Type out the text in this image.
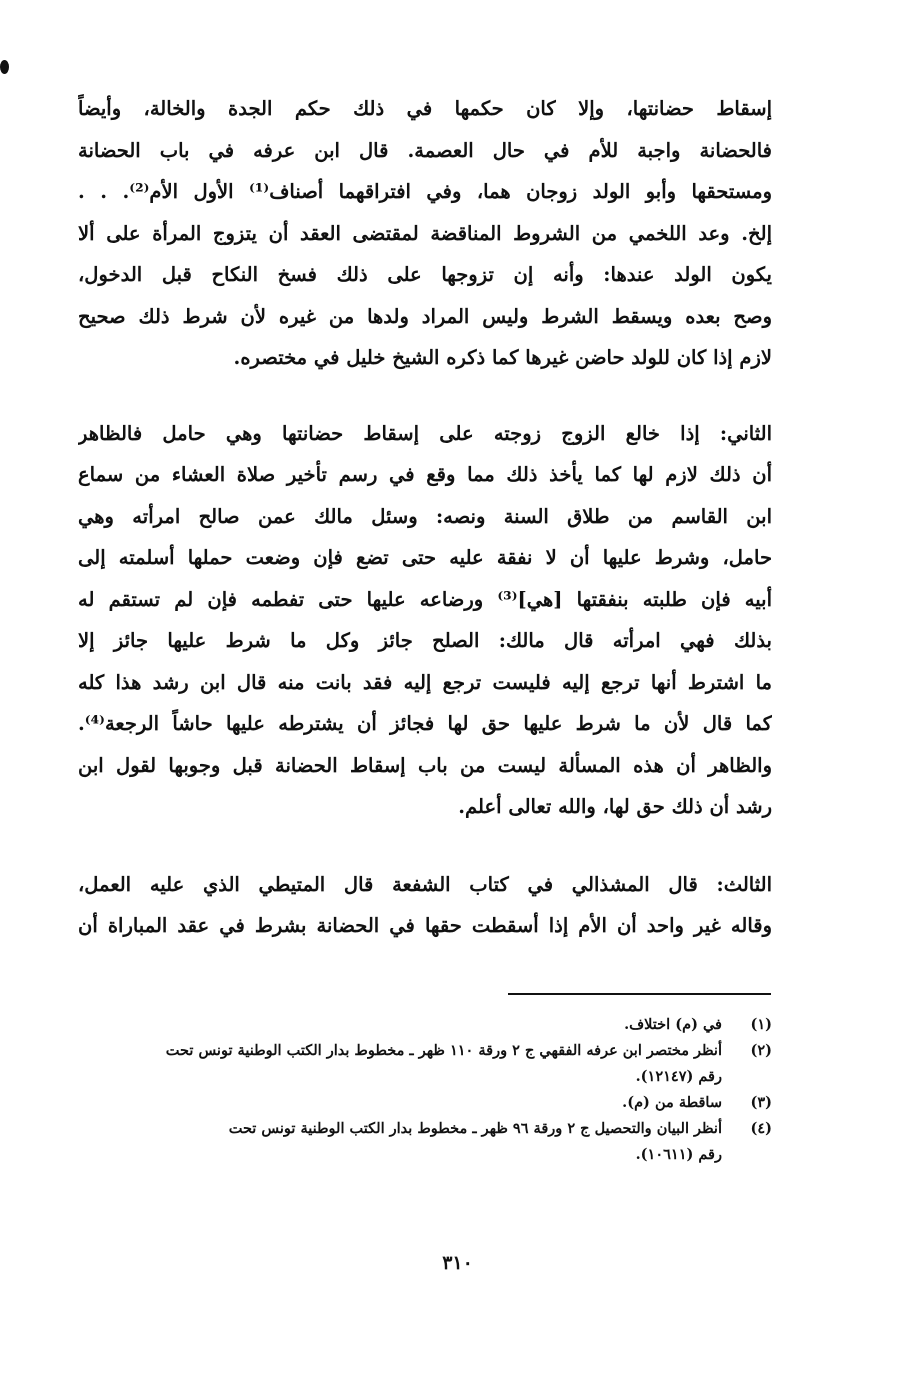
إسقاط حضانتها، وإلا كان حكمها في ذلك حكم الجدة والخالة، وأيضاً
فالحضانة واجبة للأم في حال العصمة. قال ابن عرفه في باب الحضانة
ومستحقها وأبو الولد زوجان هما، وفي افتراقهما أصناف⁽¹⁾ الأول الأم⁽²⁾. . .
إلخ. وعد اللخمي من الشروط المناقضة لمقتضى العقد أن يتزوج المرأة على ألا
يكون الولد عندها: وأنه إن تزوجها على ذلك فسخ النكاح قبل الدخول،
وصح بعده ويسقط الشرط وليس المراد ولدها من غيره لأن شرط ذلك صحيح
لازم إذا كان للولد حاضن غيرها كما ذكره الشيخ خليل في مختصره.

الثاني: إذا خالع الزوج زوجته على إسقاط حضانتها وهي حامل فالظاهر
أن ذلك لازم لها كما يأخذ ذلك مما وقع في رسم تأخير صلاة العشاء من سماع
ابن القاسم من طلاق السنة ونصه: وسئل مالك عمن صالح امرأته وهي
حامل، وشرط عليها أن لا نفقة عليه حتى تضع فإن وضعت حملها أسلمته إلى
أبيه فإن طلبته بنفقتها [هي]⁽³⁾ ورضاعه عليها حتى تفطمه فإن لم تستقم له
بذلك فهي امرأته قال مالك: الصلح جائز وكل ما شرط عليها جائز إلا
ما اشترط أنها ترجع إليه فليست ترجع إليه فقد بانت منه قال ابن رشد هذا كله
كما قال لأن ما شرط عليها حق لها فجائز أن يشترطه عليها حاشاً الرجعة⁽⁴⁾.
والظاهر أن هذه المسألة ليست من باب إسقاط الحضانة قبل وجوبها لقول ابن
رشد أن ذلك حق لها، والله تعالى أعلم.

الثالث: قال المشذالي في كتاب الشفعة قال المتيطي الذي عليه العمل،
وقاله غير واحد أن الأم إذا أسقطت حقها في الحضانة بشرط في عقد المباراة أن

(١)
في (م) اختلاف.
(٢)
أنظر مختصر ابن عرفه الفقهي ج ٢ ورقة ١١٠ ظهر ـ مخطوط بدار الكتب الوطنية تونس تحت
رقم (١٢١٤٧).
(٣)
ساقطة من (م).
(٤)
أنظر البيان والتحصيل ج ٢ ورقة ٩٦ ظهر ـ مخطوط بدار الكتب الوطنية تونس تحت
رقم (١٠٦١١).
٣١٠
